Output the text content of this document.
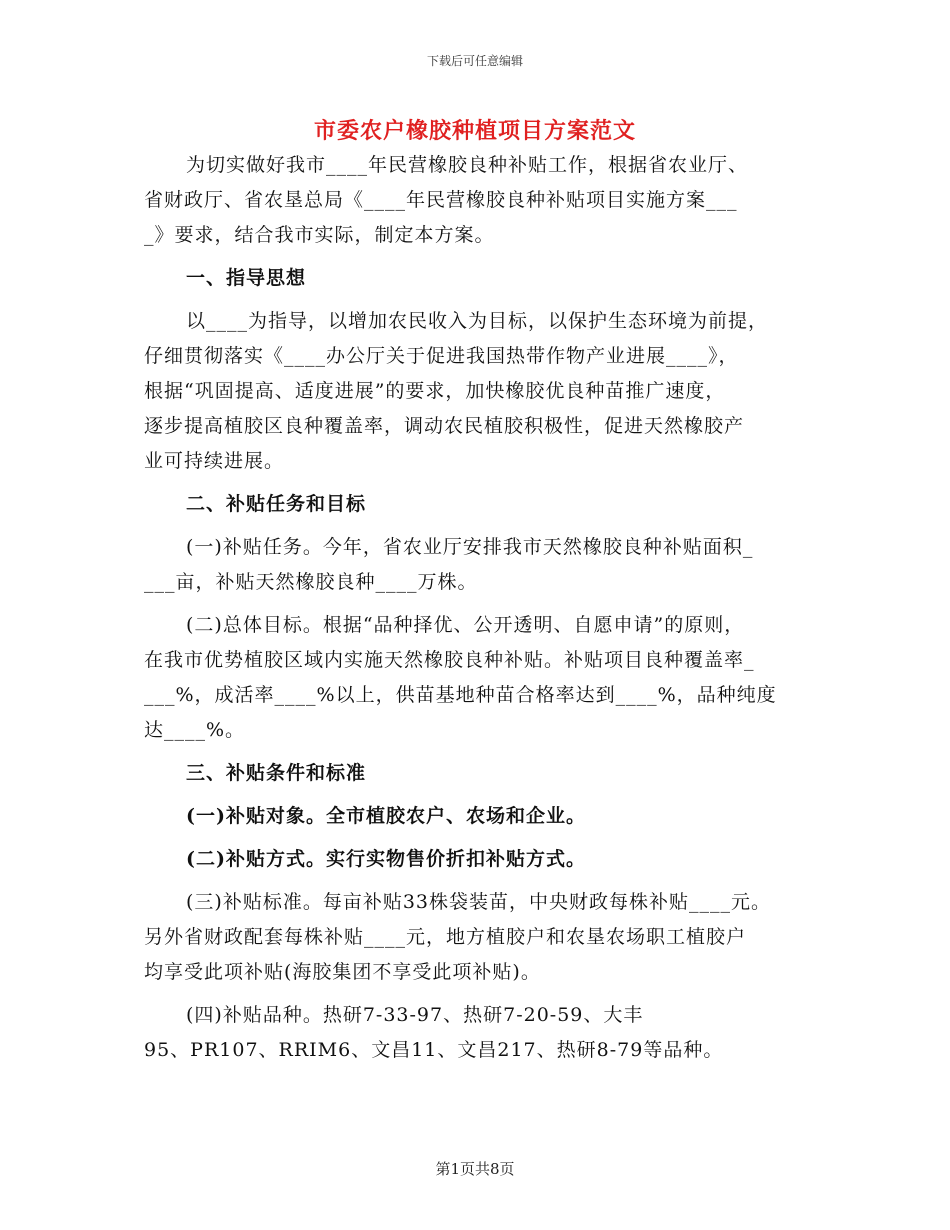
下载后可任意编辑
市委农户橡胶种植项目方案范文
为切实做好我市____年民营橡胶良种补贴工作，根据省农业厅、
省财政厅、省农垦总局《____年民营橡胶良种补贴项目实施方案___
_》要求，结合我市实际，制定本方案。
一、指导思想
以____为指导，以增加农民收入为目标，以保护生态环境为前提，
仔细贯彻落实《____办公厅关于促进我国热带作物产业进展____》，
根据“巩固提高、适度进展”的要求，加快橡胶优良种苗推广速度，
逐步提高植胶区良种覆盖率，调动农民植胶积极性，促进天然橡胶产
业可持续进展。
二、补贴任务和目标
(一)补贴任务。今年，省农业厅安排我市天然橡胶良种补贴面积_
___亩，补贴天然橡胶良种____万株。
(二)总体目标。根据“品种择优、公开透明、自愿申请”的原则，
在我市优势植胶区域内实施天然橡胶良种补贴。补贴项目良种覆盖率_
___%，成活率____%以上，供苗基地种苗合格率达到____%，品种纯度
达____%。
三、补贴条件和标准
(一)补贴对象。全市植胶农户、农场和企业。
(二)补贴方式。实行实物售价折扣补贴方式。
(三)补贴标准。每亩补贴33株袋装苗，中央财政每株补贴____元。
另外省财政配套每株补贴____元，地方植胶户和农垦农场职工植胶户
均享受此项补贴(海胶集团不享受此项补贴)。
(四)补贴品种。热研7-33-97、热研7-20-59、大丰
95、PR107、RRIM6、文昌11、文昌217、热研8-79等品种。
第1页共8页
